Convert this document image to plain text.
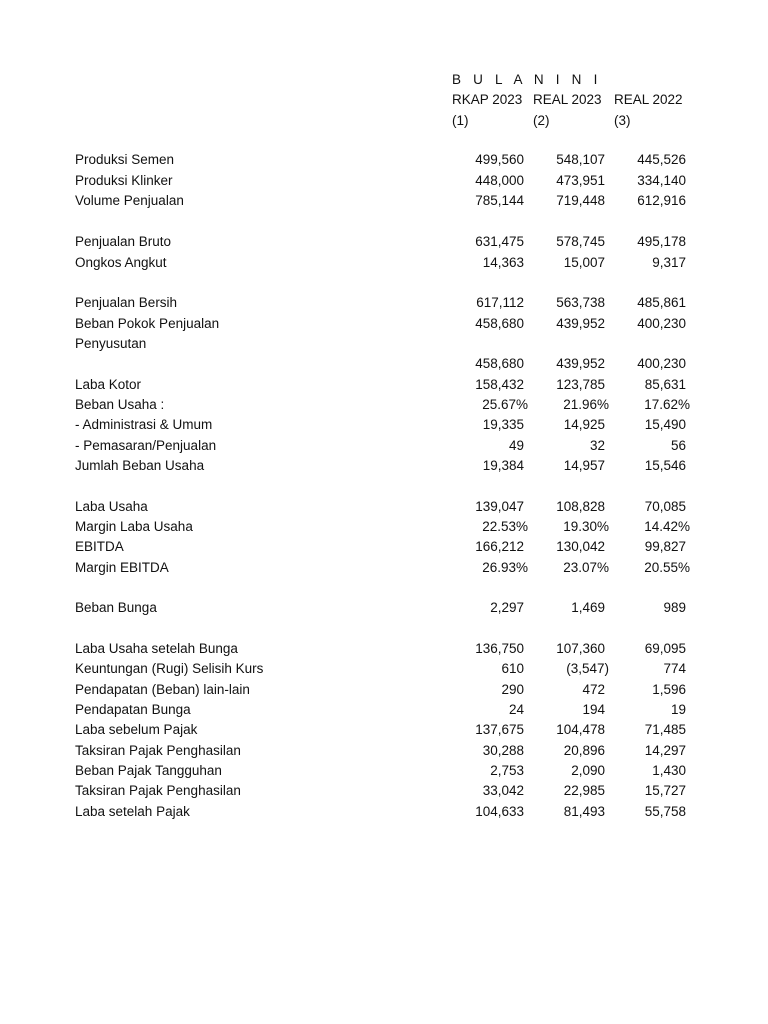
B U L A N I N I
RKAP 2023 REAL 2023 REAL 2022
(1)	(2)	(3)
Produksi Semen	499,560	548,107	445,526
Produksi Klinker	448,000	473,951	334,140
Volume Penjualan	785,144	719,448	612,916
Penjualan Bruto	631,475	578,745	495,178
Ongkos Angkut	14,363	15,007	9,317
Penjualan Bersih	617,112	563,738	485,861
Beban Pokok Penjualan	458,680	439,952	400,230
Penyusutan
458,680	439,952	400,230
Laba Kotor	158,432	123,785	85,631
Beban Usaha :	25.67%	21.96%	17.62%
- Administrasi & Umum	19,335	14,925	15,490
- Pemasaran/Penjualan	49	32	56
Jumlah Beban Usaha	19,384	14,957	15,546
Laba Usaha	139,047	108,828	70,085
Margin Laba Usaha	22.53%	19.30%	14.42%
EBITDA	166,212	130,042	99,827
Margin EBITDA	26.93%	23.07%	20.55%
Beban Bunga	2,297	1,469	989
Laba Usaha setelah Bunga	136,750	107,360	69,095
Keuntungan (Rugi) Selisih Kurs	610	(3,547)	774
Pendapatan (Beban) lain-lain	290	472	1,596
Pendapatan Bunga	24	194	19
Laba sebelum Pajak	137,675	104,478	71,485
Taksiran Pajak Penghasilan	30,288	20,896	14,297
Beban Pajak Tangguhan	2,753	2,090	1,430
Taksiran Pajak Penghasilan	33,042	22,985	15,727
Laba setelah Pajak	104,633	81,493	55,758
